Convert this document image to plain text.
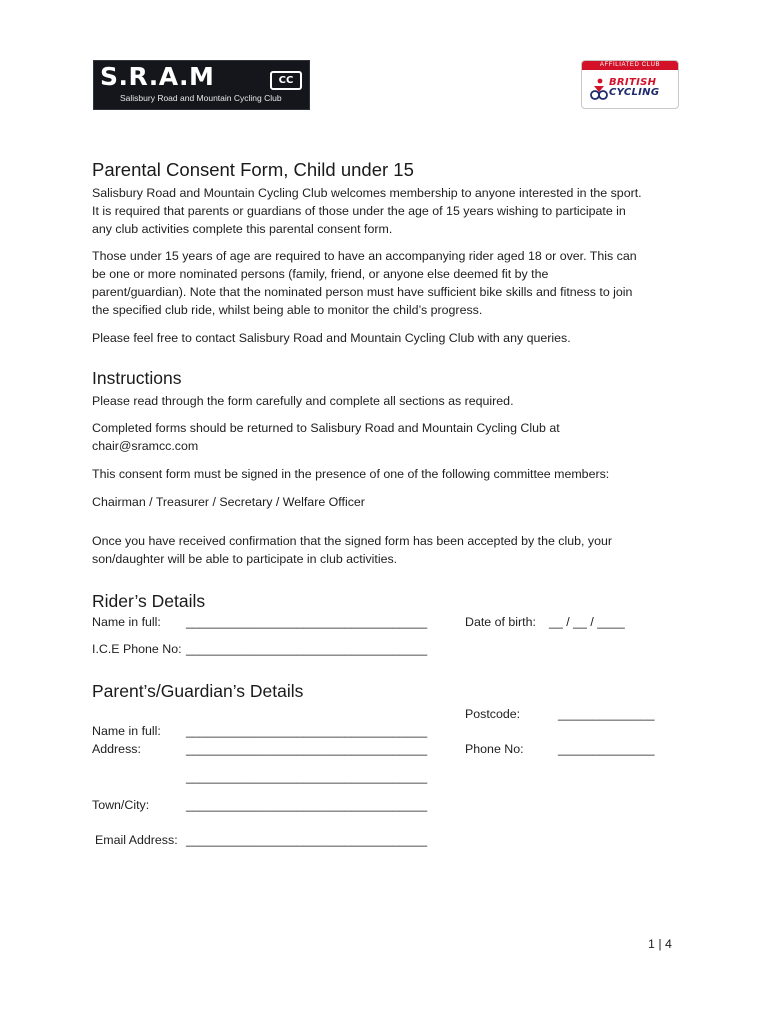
S.R.A.M	CC
Salisbury Road and Mountain Cycling Club
AFFILIATED CLUB
BRITISH
CYCLING
Parental Consent Form, Child under 15
Salisbury Road and Mountain Cycling Club welcomes membership to anyone interested in the sport.
It is required that parents or guardians of those under the age of 15 years wishing to participate in
any club activities complete this parental consent form.
Those under 15 years of age are required to have an accompanying rider aged 18 or over. This can
be one or more nominated persons (family, friend, or anyone else deemed fit by the
parent/guardian). Note that the nominated person must have sufficient bike skills and fitness to join
the specified club ride, whilst being able to monitor the child’s progress.
Please feel free to contact Salisbury Road and Mountain Cycling Club with any queries.
Instructions
Please read through the form carefully and complete all sections as required.
Completed forms should be returned to Salisbury Road and Mountain Cycling Club at
chair@sramcc.com
This consent form must be signed in the presence of one of the following committee members:
Chairman / Treasurer / Secretary / Welfare Officer
Once you have received confirmation that the signed form has been accepted by the club, your
son/daughter will be able to participate in club activities.
Rider’s Details
Name in full: ___________________________________	Date of birth: __ / __ / ____
I.C.E Phone No: ___________________________________
Parent’s/Guardian’s Details
Postcode:	______________
Name in full: ___________________________________
Address:	___________________________________	Phone No:	______________
___________________________________
Town/City:	___________________________________
Email Address: ___________________________________
1 | 4
